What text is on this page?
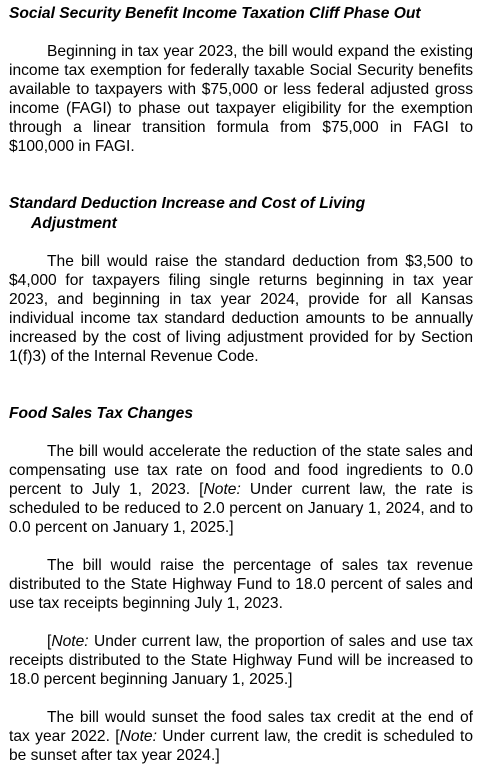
Social Security Benefit Income Taxation Cliff Phase Out

Beginning in tax year 2023, the bill would expand the existing income tax exemption for federally taxable Social Security benefits available to taxpayers with $75,000 or less federal adjusted gross income (FAGI) to phase out taxpayer eligibility for the exemption through a linear transition formula from $75,000 in FAGI to $100,000 in FAGI.

Standard Deduction Increase and Cost of Living
Adjustment

The bill would raise the standard deduction from $3,500 to $4,000 for taxpayers filing single returns beginning in tax year 2023, and beginning in tax year 2024, provide for all Kansas individual income tax standard deduction amounts to be annually increased by the cost of living adjustment provided for by Section 1(f)3) of the Internal Revenue Code.

Food Sales Tax Changes

The bill would accelerate the reduction of the state sales and compensating use tax rate on food and food ingredients to 0.0 percent to July 1, 2023. [Note: Under current law, the rate is scheduled to be reduced to 2.0 percent on January 1, 2024, and to 0.0 percent on January 1, 2025.]

The bill would raise the percentage of sales tax revenue distributed to the State Highway Fund to 18.0 percent of sales and use tax receipts beginning July 1, 2023.

[Note: Under current law, the proportion of sales and use tax receipts distributed to the State Highway Fund will be increased to 18.0 percent beginning January 1, 2025.]

The bill would sunset the food sales tax credit at the end of tax year 2022. [Note: Under current law, the credit is scheduled to be sunset after tax year 2024.]
